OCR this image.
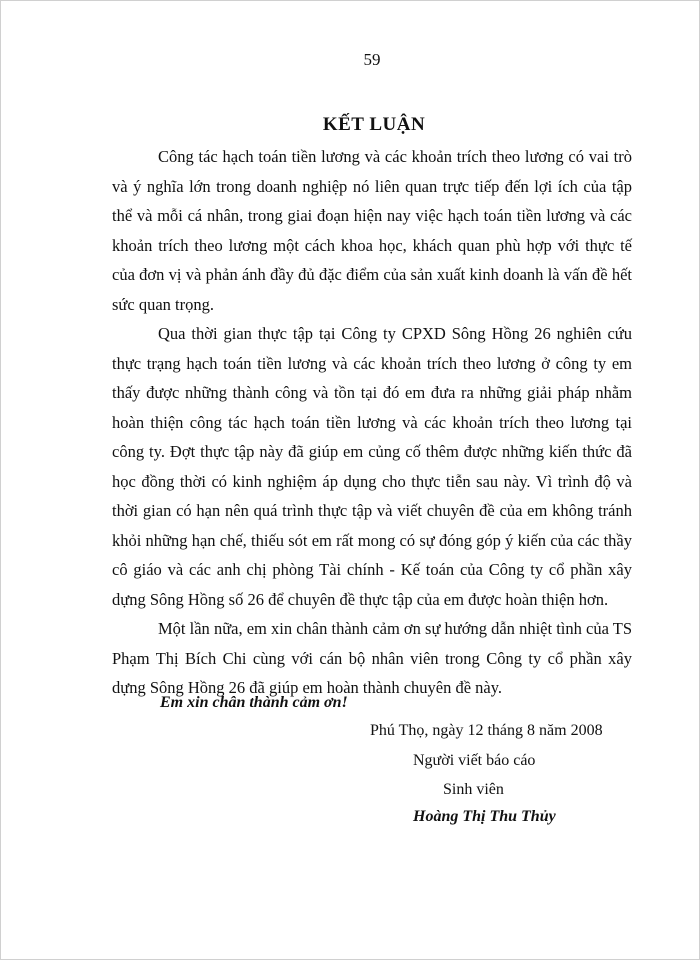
59
KẾT LUẬN

Công tác hạch toán tiền lương và các khoản trích theo lương có vai trò và ý nghĩa lớn trong doanh nghiệp nó liên quan trực tiếp đến lợi ích của tập thể và mỗi cá nhân, trong giai đoạn hiện nay việc hạch toán tiền lương và các khoản trích theo lương một cách khoa học, khách quan phù hợp với thực tế của đơn vị và phản ánh đầy đủ đặc điểm của sản xuất kinh doanh là vấn đề hết sức quan trọng.

Qua thời gian thực tập tại Công ty CPXD Sông Hồng 26 nghiên cứu thực trạng hạch toán tiền lương và các khoản trích theo lương ở công ty em thấy được những thành công và tồn tại đó em đưa ra những giải pháp nhằm hoàn thiện công tác hạch toán tiền lương và các khoản trích theo lương tại công ty. Đợt thực tập này đã giúp em củng cố thêm được những kiến thức đã học đồng thời có kinh nghiệm áp dụng cho thực tiễn sau này. Vì trình độ và thời gian có hạn nên quá trình thực tập và viết chuyên đề của em không tránh khỏi những hạn chế, thiếu sót em rất mong có sự đóng góp ý kiến của các thầy cô giáo và các anh chị phòng Tài chính - Kế toán của Công ty cổ phần xây dựng Sông Hồng số 26 để chuyên đề thực tập của em được hoàn thiện hơn.

Một lần nữa, em xin chân thành cảm ơn sự hướng dẫn nhiệt tình của TS Phạm Thị Bích Chi cùng với cán bộ nhân viên trong Công ty cổ phần xây dựng Sông Hồng 26 đã giúp em hoàn thành chuyên đề này.

Em xin chân thành cảm ơn!
Phú Thọ, ngày 12 tháng 8 năm 2008
Người viết báo cáo
Sinh viên
Hoàng Thị Thu Thủy
